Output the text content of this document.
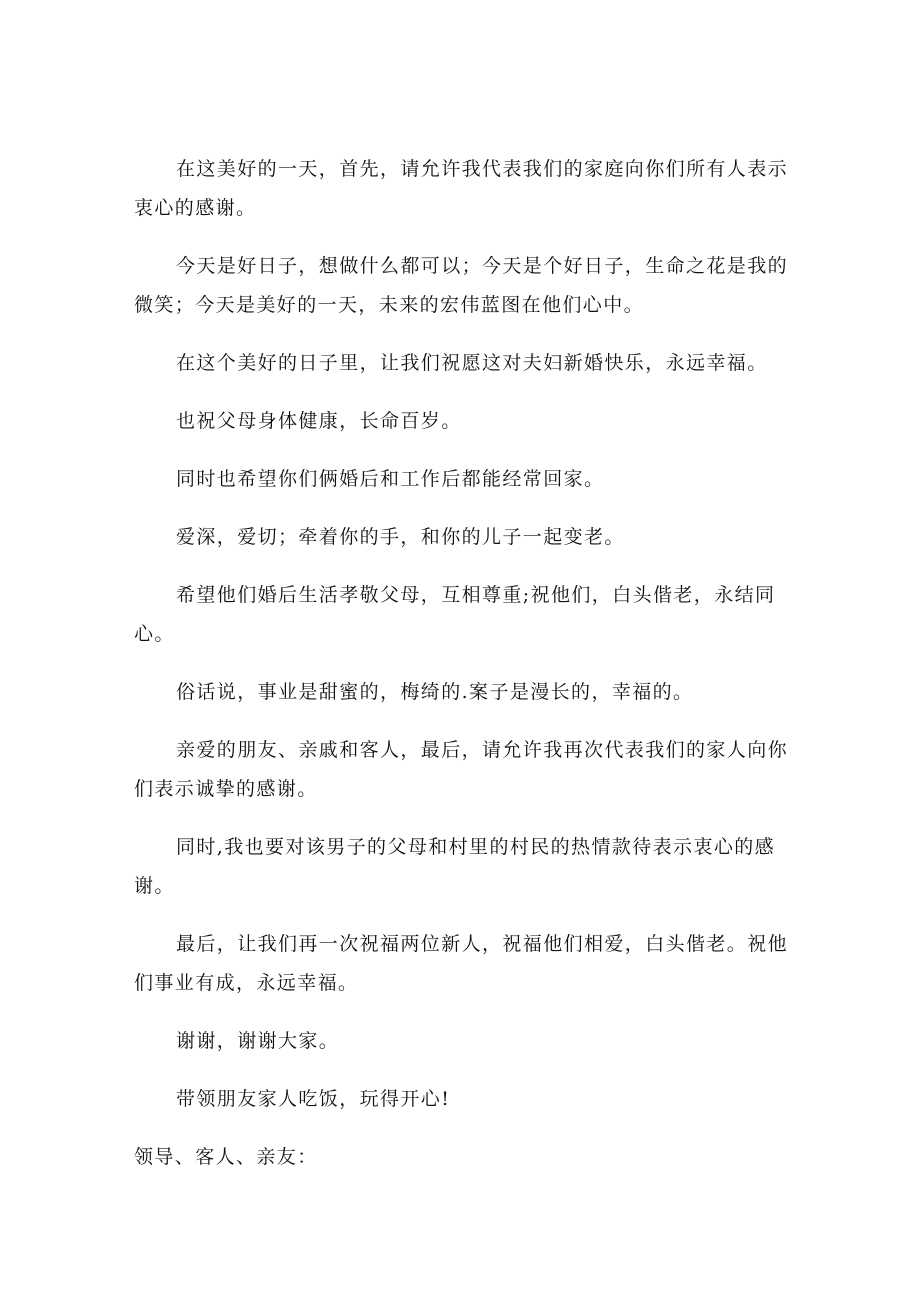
在这美好的一天，首先，请允许我代表我们的家庭向你们所有人表示衷心的感谢。

今天是好日子，想做什么都可以；今天是个好日子，生命之花是我的微笑；今天是美好的一天，未来的宏伟蓝图在他们心中。

在这个美好的日子里，让我们祝愿这对夫妇新婚快乐，永远幸福。

也祝父母身体健康，长命百岁。

同时也希望你们俩婚后和工作后都能经常回家。

爱深，爱切；牵着你的手，和你的儿子一起变老。

希望他们婚后生活孝敬父母，互相尊重;祝他们，白头偕老，永结同心。

俗话说，事业是甜蜜的，梅绮的.案子是漫长的，幸福的。

亲爱的朋友、亲戚和客人，最后，请允许我再次代表我们的家人向你们表示诚挚的感谢。

同时,我也要对该男子的父母和村里的村民的热情款待表示衷心的感谢。

最后，让我们再一次祝福两位新人，祝福他们相爱，白头偕老。祝他们事业有成，永远幸福。

谢谢，谢谢大家。

带领朋友家人吃饭，玩得开心!

领导、客人、亲友：
